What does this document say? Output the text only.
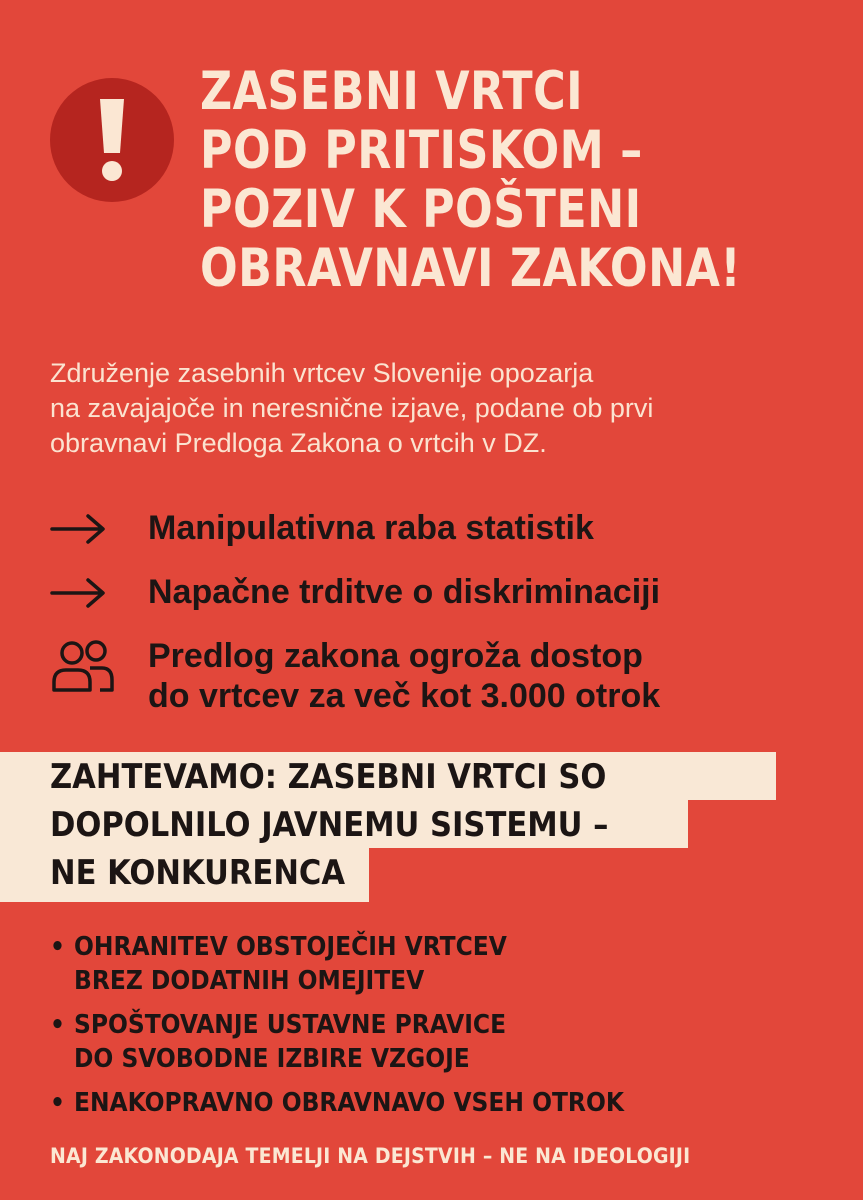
ZASEBNI VRTCI
POD PRITISKOM –
POZIV K POŠTENI
OBRAVNAVI ZAKONA!
Združenje zasebnih vrtcev Slovenije opozarja
na zavajajoče in neresnične izjave, podane ob prvi
obravnavi Predloga Zakona o vrtcih v DZ.
Manipulativna raba statistik
Napačne trditve o diskriminaciji
Predlog zakona ogroža dostop
do vrtcev za več kot 3.000 otrok
ZAHTEVAMO: ZASEBNI VRTCI SO
DOPOLNILO JAVNEMU SISTEMU –
NE KONKURENCA
• OHRANITEV OBSTOJEČIH VRTCEV
BREZ DODATNIH OMEJITEV
• SPOŠTOVANJE USTAVNE PRAVICE
DO SVOBODNE IZBIRE VZGOJE
• ENAKOPRAVNO OBRAVNAVO VSEH OTROK
NAJ ZAKONODAJA TEMELJI NA DEJSTVIH – NE NA IDEOLOGIJI
